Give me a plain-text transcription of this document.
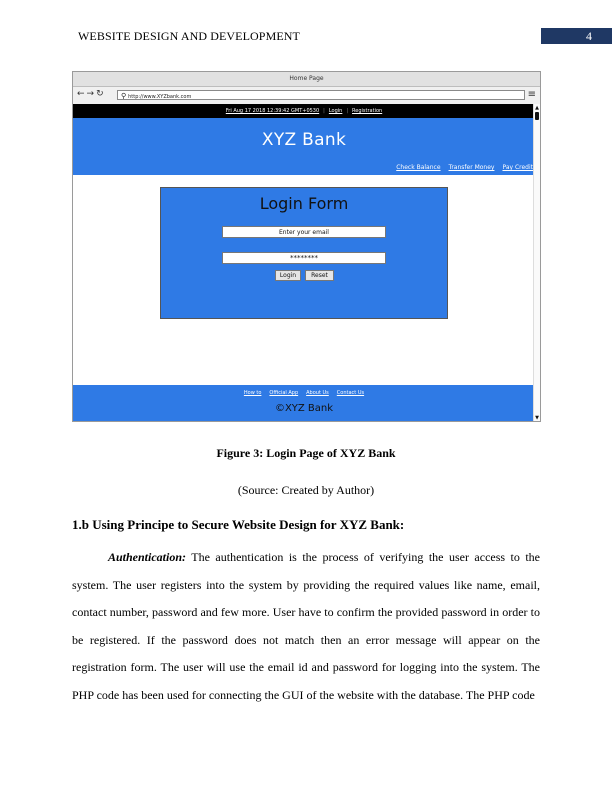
WEBSITE DESIGN AND DEVELOPMENT	4
Home Page
←→↻	⚲ http://www.XYZbank.com	≡
Fri Aug 17 2018 12:39:42 GMT+0530 | Login | Registration
XYZ Bank
Check Balance Transfer Money Pay Credit
Login Form
Enter your email
********
Login	Reset
How to Official App About Us Contact Us
©XYZ Bank
▲
▼
Figure 3: Login Page of XYZ Bank
(Source: Created by Author)
1.b Using Principe to Secure Website Design for XYZ Bank:

Authentication: The authentication is the process of verifying the user access to the system. The user registers into the system by providing the required values like name, email, contact number, password and few more. User have to confirm the provided password in order to be registered. If the password does not match then an error message will appear on the registration form. The user will use the email id and password for logging into the system. The PHP code has been used for connecting the GUI of the website with the database. The PHP code
